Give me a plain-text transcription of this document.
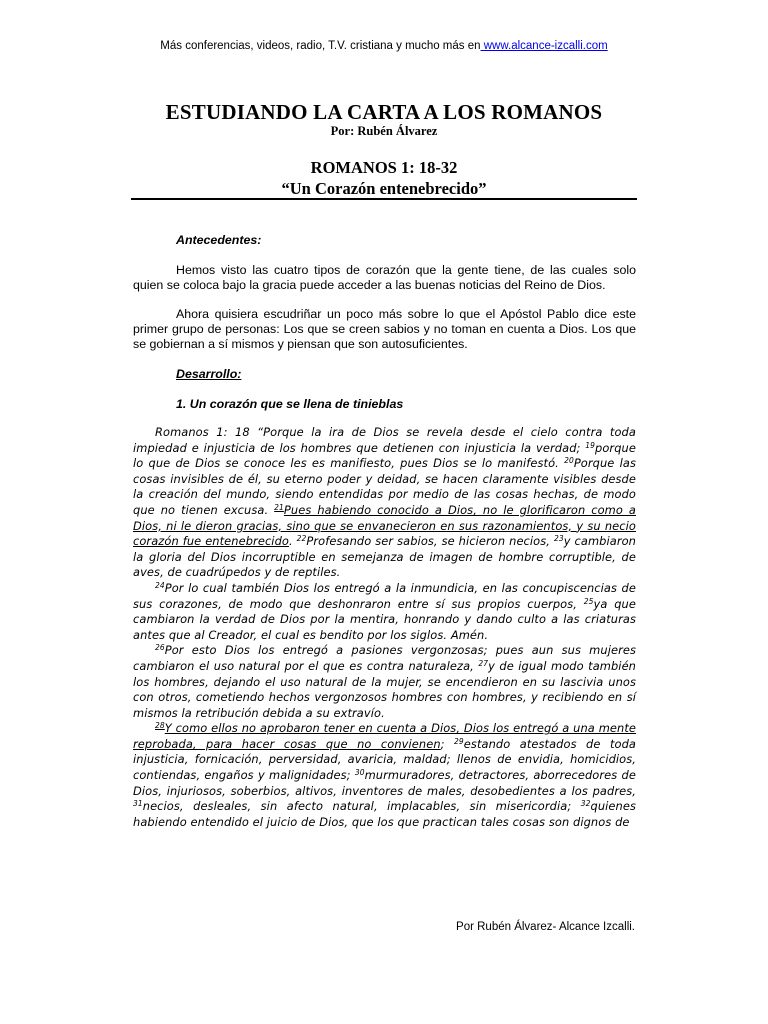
Más conferencias, videos, radio, T.V. cristiana y mucho más en www.alcance-izcalli.com
ESTUDIANDO LA CARTA A LOS ROMANOS
Por: Rubén Álvarez
ROMANOS 1: 18-32
“Un Corazón entenebrecido”
Antecedentes:

Hemos visto las cuatro tipos de corazón que la gente tiene, de las cuales solo quien se coloca bajo la gracia puede acceder a las buenas noticias del Reino de Dios.

Ahora quisiera escudriñar un poco más sobre lo que el Apóstol Pablo dice este primer grupo de personas: Los que se creen sabios y no toman en cuenta a Dios. Los que se gobiernan a sí mismos y piensan que son autosuficientes.

Desarrollo:
1. Un corazón que se llena de tinieblas
Romanos 1: 18 “Porque la ira de Dios se revela desde el cielo contra toda impiedad e injusticia de los hombres que detienen con injusticia la verdad; $^{19}$porque lo que de Dios se conoce les es manifiesto, pues Dios se lo manifestó. $^{20}$Porque las cosas invisibles de él, su eterno poder y deidad, se hacen claramente visibles desde la creación del mundo, siendo entendidas por medio de las cosas hechas, de modo que no tienen excusa. $^{21}$Pues habiendo conocido a Dios, no le glorificaron como a Dios, ni le dieron gracias, sino que se envanecieron en sus razonamientos, y su necio corazón fue entenebrecido. $^{22}$Profesando ser sabios, se hicieron necios, $^{23}$y cambiaron la gloria del Dios incorruptible en semejanza de imagen de hombre corruptible, de aves, de cuadrúpedos y de reptiles.
$^{24}$Por lo cual también Dios los entregó a la inmundicia, en las concupiscencias de sus corazones, de modo que deshonraron entre sí sus propios cuerpos, $^{25}$ya que cambiaron la verdad de Dios por la mentira, honrando y dando culto a las criaturas antes que al Creador, el cual es bendito por los siglos. Amén.
$^{26}$Por esto Dios los entregó a pasiones vergonzosas; pues aun sus mujeres cambiaron el uso natural por el que es contra naturaleza, $^{27}$y de igual modo también los hombres, dejando el uso natural de la mujer, se encendieron en su lascivia unos con otros, cometiendo hechos vergonzosos hombres con hombres, y recibiendo en sí mismos la retribución debida a su extravío.
$^{28}$Y como ellos no aprobaron tener en cuenta a Dios, Dios los entregó a una mente reprobada, para hacer cosas que no convienen; $^{29}$estando atestados de toda injusticia, fornicación, perversidad, avaricia, maldad; llenos de envidia, homicidios, contiendas, engaños y malignidades; $^{30}$murmuradores, detractores, aborrecedores de Dios, injuriosos, soberbios, altivos, inventores de males, desobedientes a los padres, $^{31}$necios, desleales, sin afecto natural, implacables, sin misericordia; $^{32}$quienes habiendo entendido el juicio de Dios, que los que practican tales cosas son dignos de
Por Rubén Álvarez- Alcance Izcalli.
